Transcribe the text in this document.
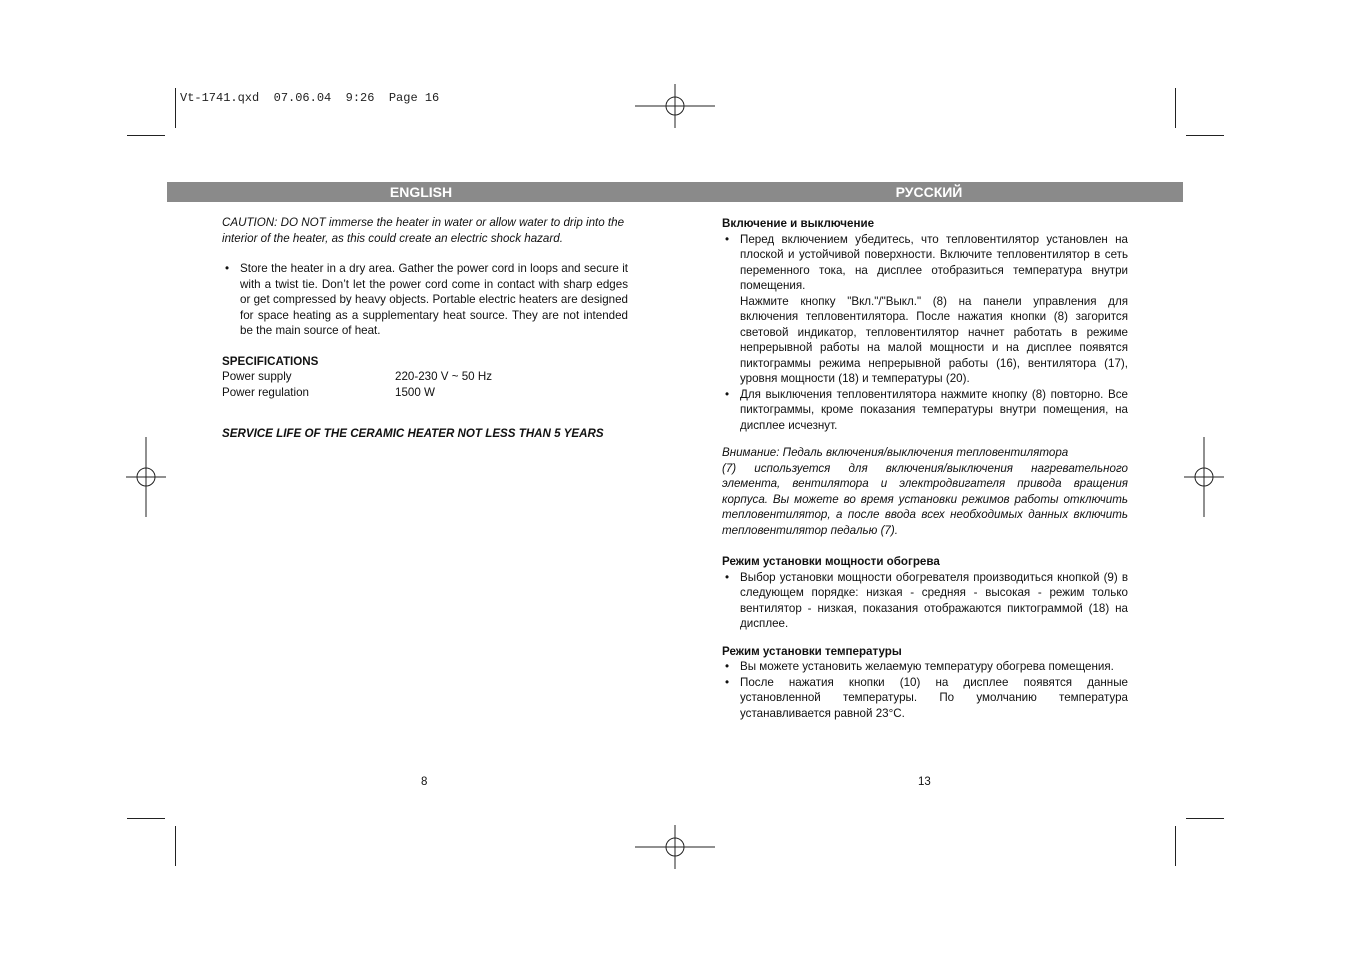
Vt-1741.qxd  07.06.04  9:26  Page 16
ENGLISH	РУССКИЙ
CAUTION: DO NOT immerse the heater in water or allow water to drip into the interior of the heater, as this could create an electric shock hazard.
• Store the heater in a dry area. Gather the power cord in loops and secure it with a twist tie. Don’t let the power cord come in contact with sharp edges or get compressed by heavy objects. Portable electric heaters are designed for space heating as a supplementary heat source. They are not intended be the main source of heat.
SPECIFICATIONS
Power supply	220-230 V ~ 50 Hz
Power regulation	1500 W
SERVICE LIFE OF THE CERAMIC HEATER NOT LESS THAN 5 YEARS
Включение и выключение
• Перед включением убедитесь, что тепловентилятор установлен на плоской и устойчивой поверхности. Включите тепловентилятор в сеть переменного тока, на дисплее отобразиться температура внутри помещения.
Нажмите кнопку "Вкл."/"Выкл." (8) на панели управления для включения тепловентилятора. После нажатия кнопки (8) загорится световой индикатор, тепловентилятор начнет работать в режиме непрерывной работы на малой мощности и на дисплее появятся пиктограммы режима непрерывной работы (16), вентилятора (17), уровня мощности (18) и температуры (20).
• Для выключения тепловентилятора нажмите кнопку (8) повторно. Все пиктограммы, кроме показания температуры внутри помещения, на дисплее исчезнут.
Внимание: Педаль включения/выключения тепловентилятора
(7) используется для включения/выключения нагревательного элемента, вентилятора и электродвигателя привода вращения корпуса. Вы можете во время установки режимов работы отключить тепловентилятор, а после ввода всех необходимых данных включить тепловентилятор педалью (7).
Режим установки мощности обогрева
• Выбор установки мощности обогревателя производиться кнопкой (9) в следующем порядке: низкая - средняя - высокая - режим только вентилятор - низкая, показания отображаются пиктограммой (18) на дисплее.
Режим установки температуры
• Вы можете установить желаемую температуру обогрева помещения.
• После нажатия кнопки (10) на дисплее появятся данные установленной температуры. По умолчанию температура устанавливается равной 23°С.
8	13
